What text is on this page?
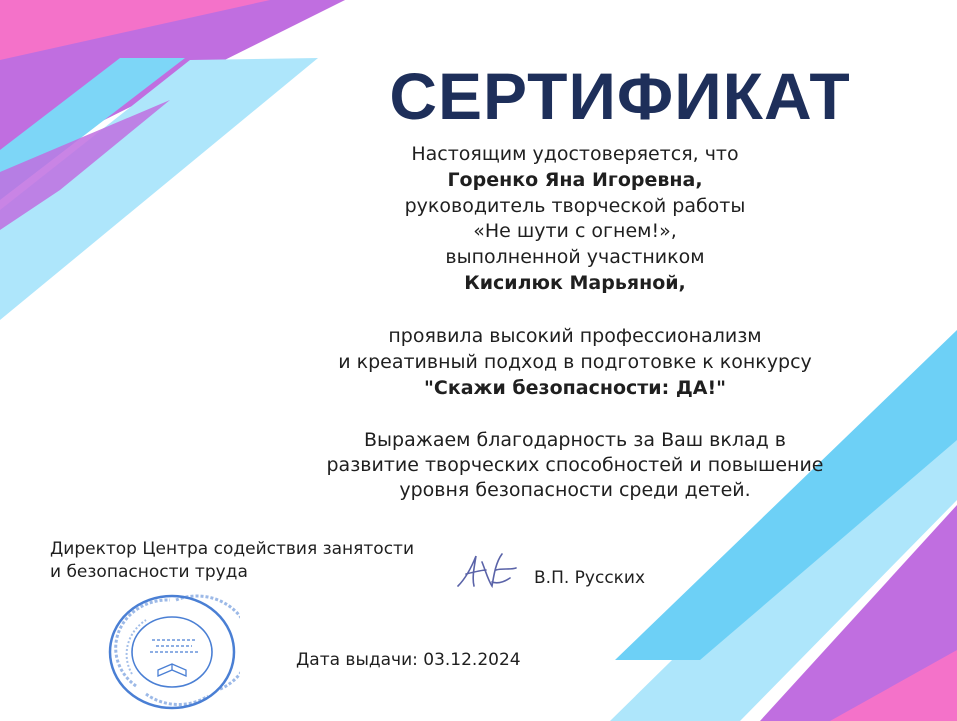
СЕРТИФИКАТ
Настоящим удостоверяется, что
Горенко Яна Игоревна,
руководитель творческой работы
«Не шути с огнем!»,
выполненной участником
Кисилюк Марьяной,
проявила высокий профессионализм
и креативный подход в подготовке к конкурсу
"Скажи безопасности: ДА!"
Выражаем благодарность за Ваш вклад в
развитие творческих способностей и повышение
уровня безопасности среди детей.
Директор Центра содействия занятости
и безопасности труда	В.П. Русских
Дата выдачи: 03.12.2024
